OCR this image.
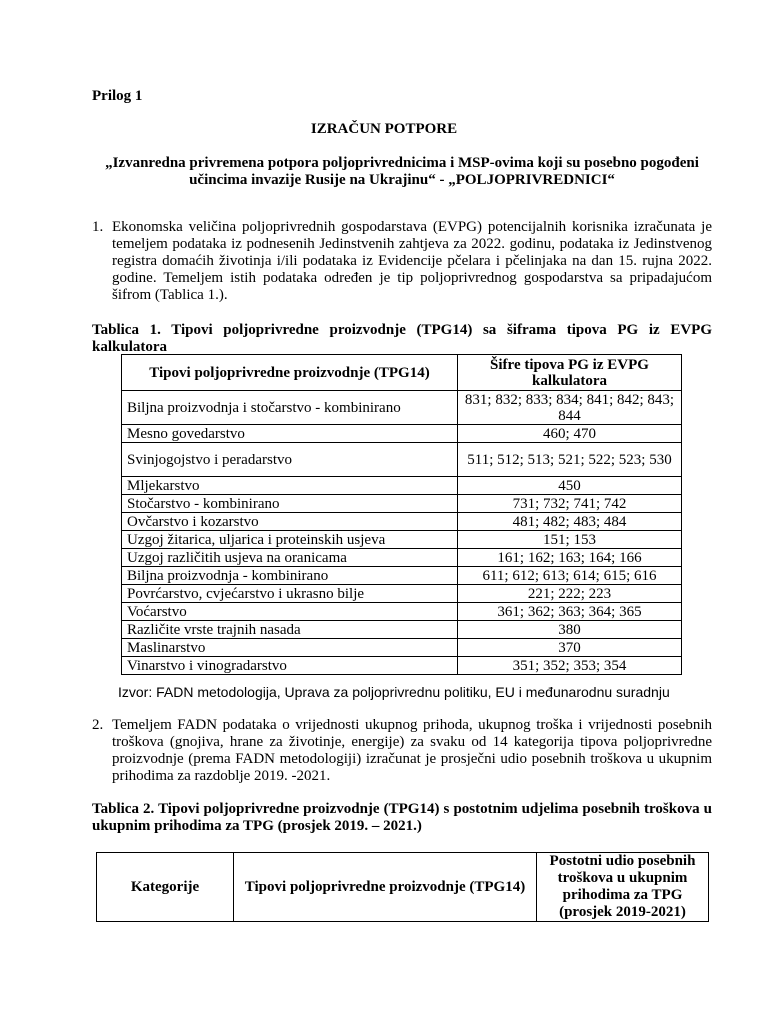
Prilog 1
IZRAČUN POTPORE
„Izvanredna privremena potpora poljoprivrednicima i MSP-ovima koji su posebno pogođeni učincima invazije Rusije na Ukrajinu“ - „POLJOPRIVREDNICI“
1. Ekonomska veličina poljoprivrednih gospodarstava (EVPG) potencijalnih korisnika izračunata je temeljem podataka iz podnesenih Jedinstvenih zahtjeva za 2022. godinu, podataka iz Jedinstvenog registra domaćih životinja i/ili podataka iz Evidencije pčelara i pčelinjaka na dan 15. rujna 2022. godine. Temeljem istih podataka određen je tip poljoprivrednog gospodarstva sa pripadajućom šifrom (Tablica 1.).
Tablica 1. Tipovi poljoprivredne proizvodnje (TPG14) sa šiframa tipova PG iz EVPG kalkulatora
Tipovi poljoprivredne proizvodnje (TPG14)	Šifre tipova PG iz EVPG kalkulatora
Biljna proizvodnja i stočarstvo - kombinirano	831; 832; 833; 834; 841; 842; 843; 844
Mesno govedarstvo	460; 470
Svinjogojstvo i peradarstvo	511; 512; 513; 521; 522; 523; 530
Mljekarstvo	450
Stočarstvo - kombinirano	731; 732; 741; 742
Ovčarstvo i kozarstvo	481; 482; 483; 484
Uzgoj žitarica, uljarica i proteinskih usjeva	151; 153
Uzgoj različitih usjeva na oranicama	161; 162; 163; 164; 166
Biljna proizvodnja - kombinirano	611; 612; 613; 614; 615; 616
Povrćarstvo, cvjećarstvo i ukrasno bilje	221; 222; 223
Voćarstvo	361; 362; 363; 364; 365
Različite vrste trajnih nasada	380
Maslinarstvo	370
Vinarstvo i vinogradarstvo	351; 352; 353; 354
Izvor: FADN metodologija, Uprava za poljoprivrednu politiku, EU i međunarodnu suradnju
2. Temeljem FADN podataka o vrijednosti ukupnog prihoda, ukupnog troška i vrijednosti posebnih troškova (gnojiva, hrane za životinje, energije) za svaku od 14 kategorija tipova poljoprivredne proizvodnje (prema FADN metodologiji) izračunat je prosječni udio posebnih troškova u ukupnim prihodima za razdoblje 2019. -2021.
Tablica 2. Tipovi poljoprivredne proizvodnje (TPG14) s postotnim udjelima posebnih troškova u ukupnim prihodima za TPG (prosjek 2019. – 2021.)
Kategorije	Tipovi poljoprivredne proizvodnje (TPG14)	Postotni udio posebnih troškova u ukupnim prihodima za TPG (prosjek 2019-2021)
